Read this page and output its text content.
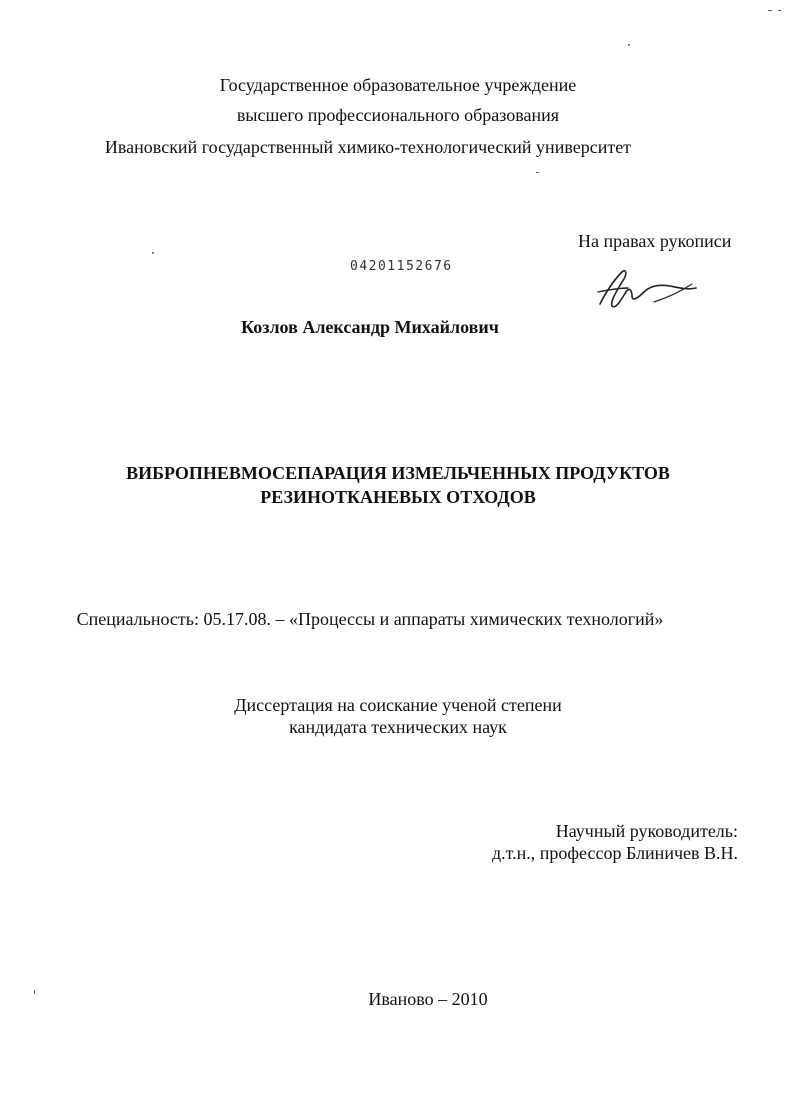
Государственное образовательное учреждение
высшего профессионального образования
Ивановский государственный химико-технологический университет
На правах рукописи
04201152676
Козлов Александр Михайлович
ВИБРОПНЕВМОСЕПАРАЦИЯ ИЗМЕЛЬЧЕННЫХ ПРОДУКТОВ
РЕЗИНОТКАНЕВЫХ ОТХОДОВ
Специальность: 05.17.08. – «Процессы и аппараты химических технологий»
Диссертация на соискание ученой степени
кандидата технических наук
Научный руководитель:
д.т.н., профессор Блиничев В.Н.
Иваново – 2010
